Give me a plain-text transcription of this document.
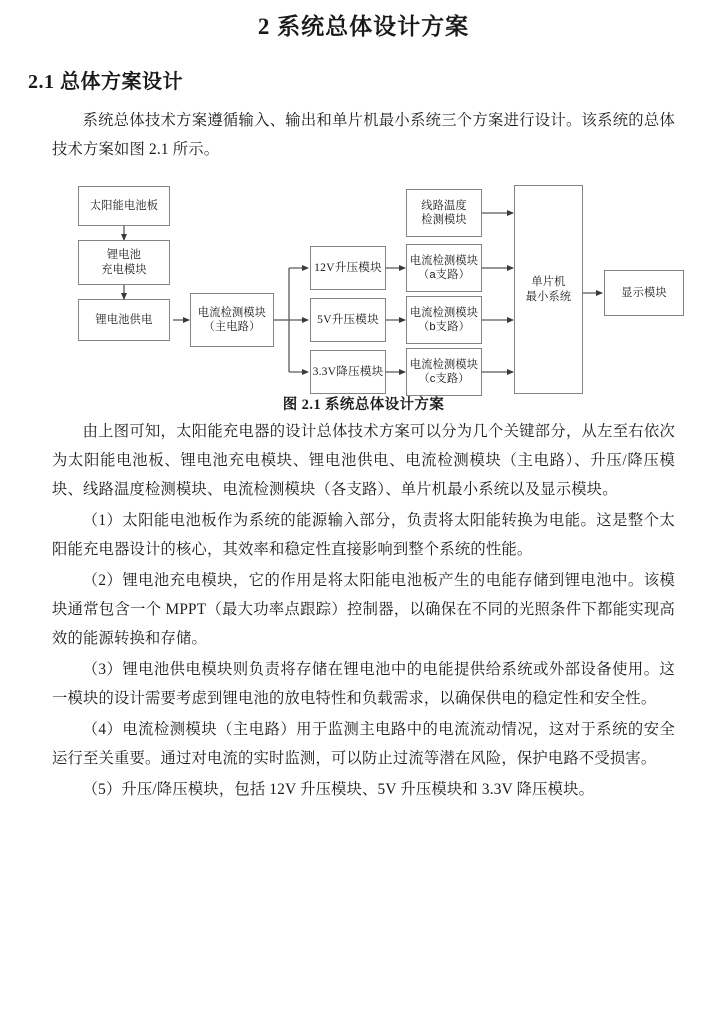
2 系统总体设计方案
2.1 总体方案设计

系统总体技术方案遵循输入、输出和单片机最小系统三个方案进行设计。该系统的总体技术方案如图 2.1 所示。

太阳能电池板
锂电池
充电模块
锂电池供电
电流检测模块
（主电路）
12V升压模块
5V升压模块
3.3V降压模块
线路温度
检测模块
电流检测模块
（a支路）
电流检测模块
（b支路）
电流检测模块
（c支路）
单片机
最小系统	显示模块

图 2.1 系统总体设计方案

由上图可知，太阳能充电器的设计总体技术方案可以分为几个关键部分，从左至右依次为太阳能电池板、锂电池充电模块、锂电池供电、电流检测模块（主电路）、升压/降压模块、线路温度检测模块、电流检测模块（各支路）、单片机最小系统以及显示模块。

（1）太阳能电池板作为系统的能源输入部分，负责将太阳能转换为电能。这是整个太阳能充电器设计的核心，其效率和稳定性直接影响到整个系统的性能。

（2）锂电池充电模块，它的作用是将太阳能电池板产生的电能存储到锂电池中。该模块通常包含一个 MPPT（最大功率点跟踪）控制器，以确保在不同的光照条件下都能实现高效的能源转换和存储。

（3）锂电池供电模块则负责将存储在锂电池中的电能提供给系统或外部设备使用。这一模块的设计需要考虑到锂电池的放电特性和负载需求，以确保供电的稳定性和安全性。

（4）电流检测模块（主电路）用于监测主电路中的电流流动情况，这对于系统的安全运行至关重要。通过对电流的实时监测，可以防止过流等潜在风险，保护电路不受损害。

（5）升压/降压模块，包括 12V 升压模块、5V 升压模块和 3.3V 降压模块。
